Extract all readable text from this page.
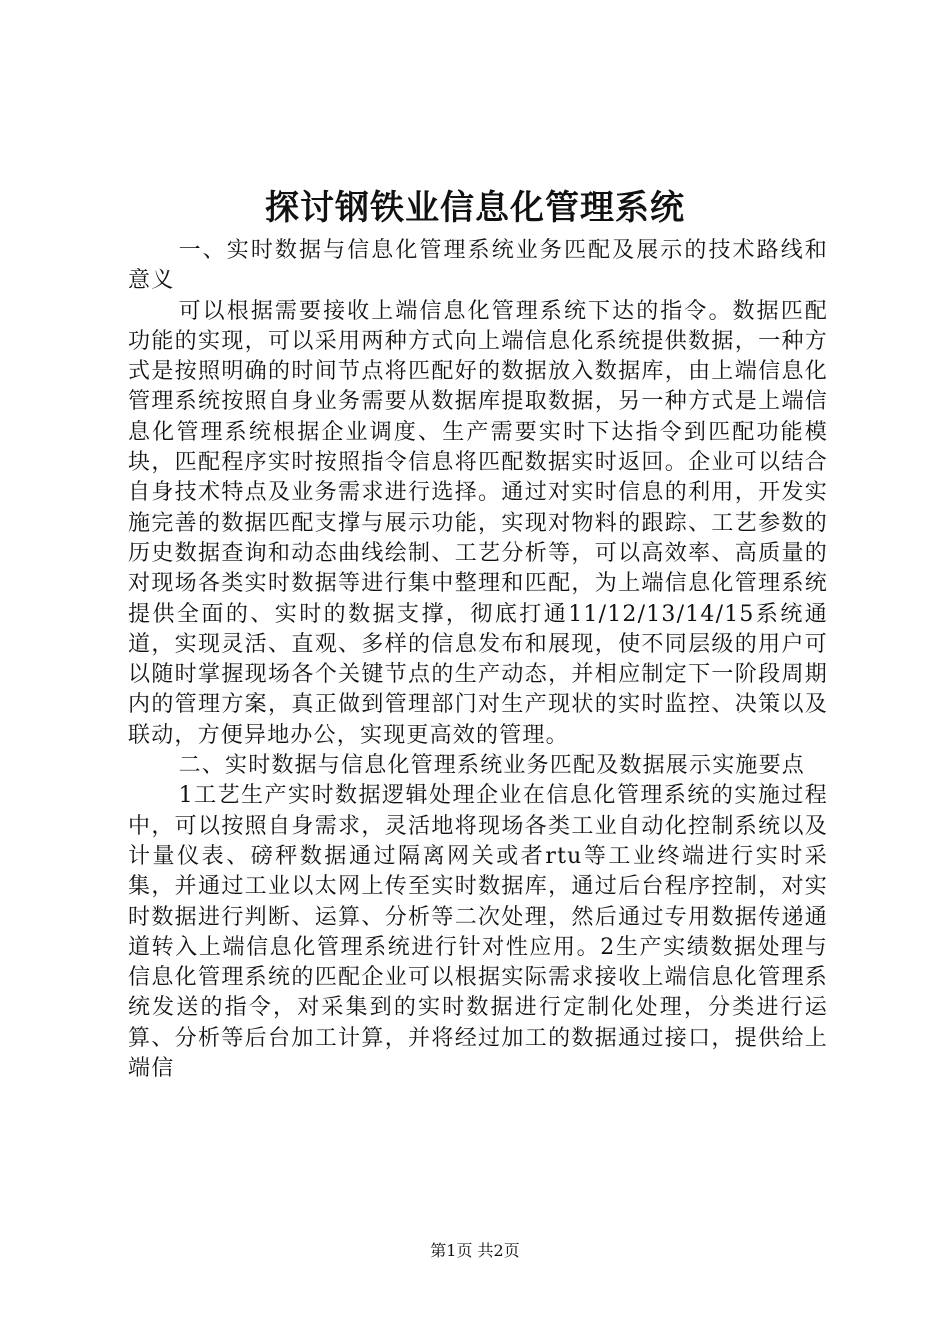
探讨钢铁业信息化管理系统

一、实时数据与信息化管理系统业务匹配及展示的技术路线和意义

可以根据需要接收上端信息化管理系统下达的指令。数据匹配功能的实现，可以采用两种方式向上端信息化系统提供数据，一种方式是按照明确的时间节点将匹配好的数据放入数据库，由上端信息化管理系统按照自身业务需要从数据库提取数据，另一种方式是上端信息化管理系统根据企业调度、生产需要实时下达指令到匹配功能模块，匹配程序实时按照指令信息将匹配数据实时返回。企业可以结合自身技术特点及业务需求进行选择。通过对实时信息的利用，开发实施完善的数据匹配支撑与展示功能，实现对物料的跟踪、工艺参数的历史数据查询和动态曲线绘制、工艺分析等，可以高效率、高质量的对现场各类实时数据等进行集中整理和匹配，为上端信息化管理系统提供全面的、实时的数据支撑，彻底打通11/12/13/14/15系统通道，实现灵活、直观、多样的信息发布和展现，使不同层级的用户可以随时掌握现场各个关键节点的生产动态，并相应制定下一阶段周期内的管理方案，真正做到管理部门对生产现状的实时监控、决策以及联动，方便异地办公，实现更高效的管理。

二、实时数据与信息化管理系统业务匹配及数据展示实施要点

1工艺生产实时数据逻辑处理企业在信息化管理系统的实施过程中，可以按照自身需求，灵活地将现场各类工业自动化控制系统以及计量仪表、磅秤数据通过隔离网关或者rtu等工业终端进行实时采集，并通过工业以太网上传至实时数据库，通过后台程序控制，对实时数据进行判断、运算、分析等二次处理，然后通过专用数据传递通道转入上端信息化管理系统进行针对性应用。2生产实绩数据处理与信息化管理系统的匹配企业可以根据实际需求接收上端信息化管理系统发送的指令，对采集到的实时数据进行定制化处理，分类进行运算、分析等后台加工计算，并将经过加工的数据通过接口，提供给上端信

第1页 共2页
